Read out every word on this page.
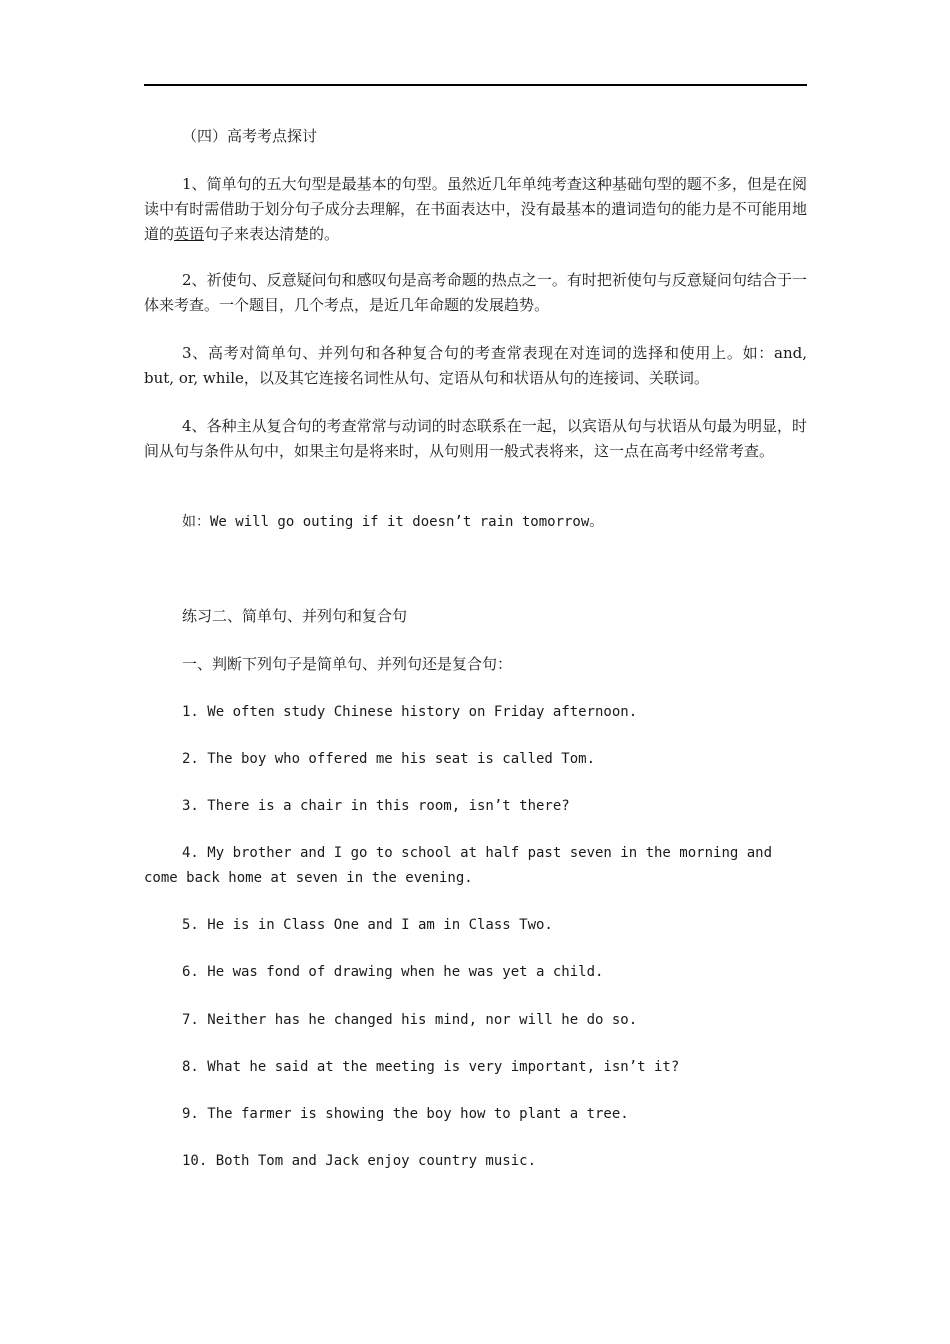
（四）高考考点探讨

1、简单句的五大句型是最基本的句型。虽然近几年单纯考查这种基础句型的题不多，但是在阅读中有时需借助于划分句子成分去理解，在书面表达中，没有最基本的遣词造句的能力是不可能用地道的英语句子来表达清楚的。

2、祈使句、反意疑问句和感叹句是高考命题的热点之一。有时把祈使句与反意疑问句结合于一体来考查。一个题目，几个考点，是近几年命题的发展趋势。

3、高考对简单句、并列句和各种复合句的考查常表现在对连词的选择和使用上。如：and, but, or, while，以及其它连接名词性从句、定语从句和状语从句的连接词、关联词。

4、各种主从复合句的考查常常与动词的时态联系在一起，以宾语从句与状语从句最为明显，时间从句与条件从句中，如果主句是将来时，从句则用一般式表将来，这一点在高考中经常考查。

如：We will go outing if it doesn’t rain tomorrow。

练习二、简单句、并列句和复合句

一、判断下列句子是简单句、并列句还是复合句：

1. We often study Chinese history on Friday afternoon.

2. The boy who offered me his seat is called Tom.

3. There is a chair in this room, isn’t there?

4. My brother and I go to school at half past seven in the morning and come back home at seven in the evening.

5. He is in Class One and I am in Class Two.

6. He was fond of drawing when he was yet a child.

7. Neither has he changed his mind, nor will he do so.

8. What he said at the meeting is very important, isn’t it?

9. The farmer is showing the boy how to plant a tree.

10. Both Tom and Jack enjoy country music.
